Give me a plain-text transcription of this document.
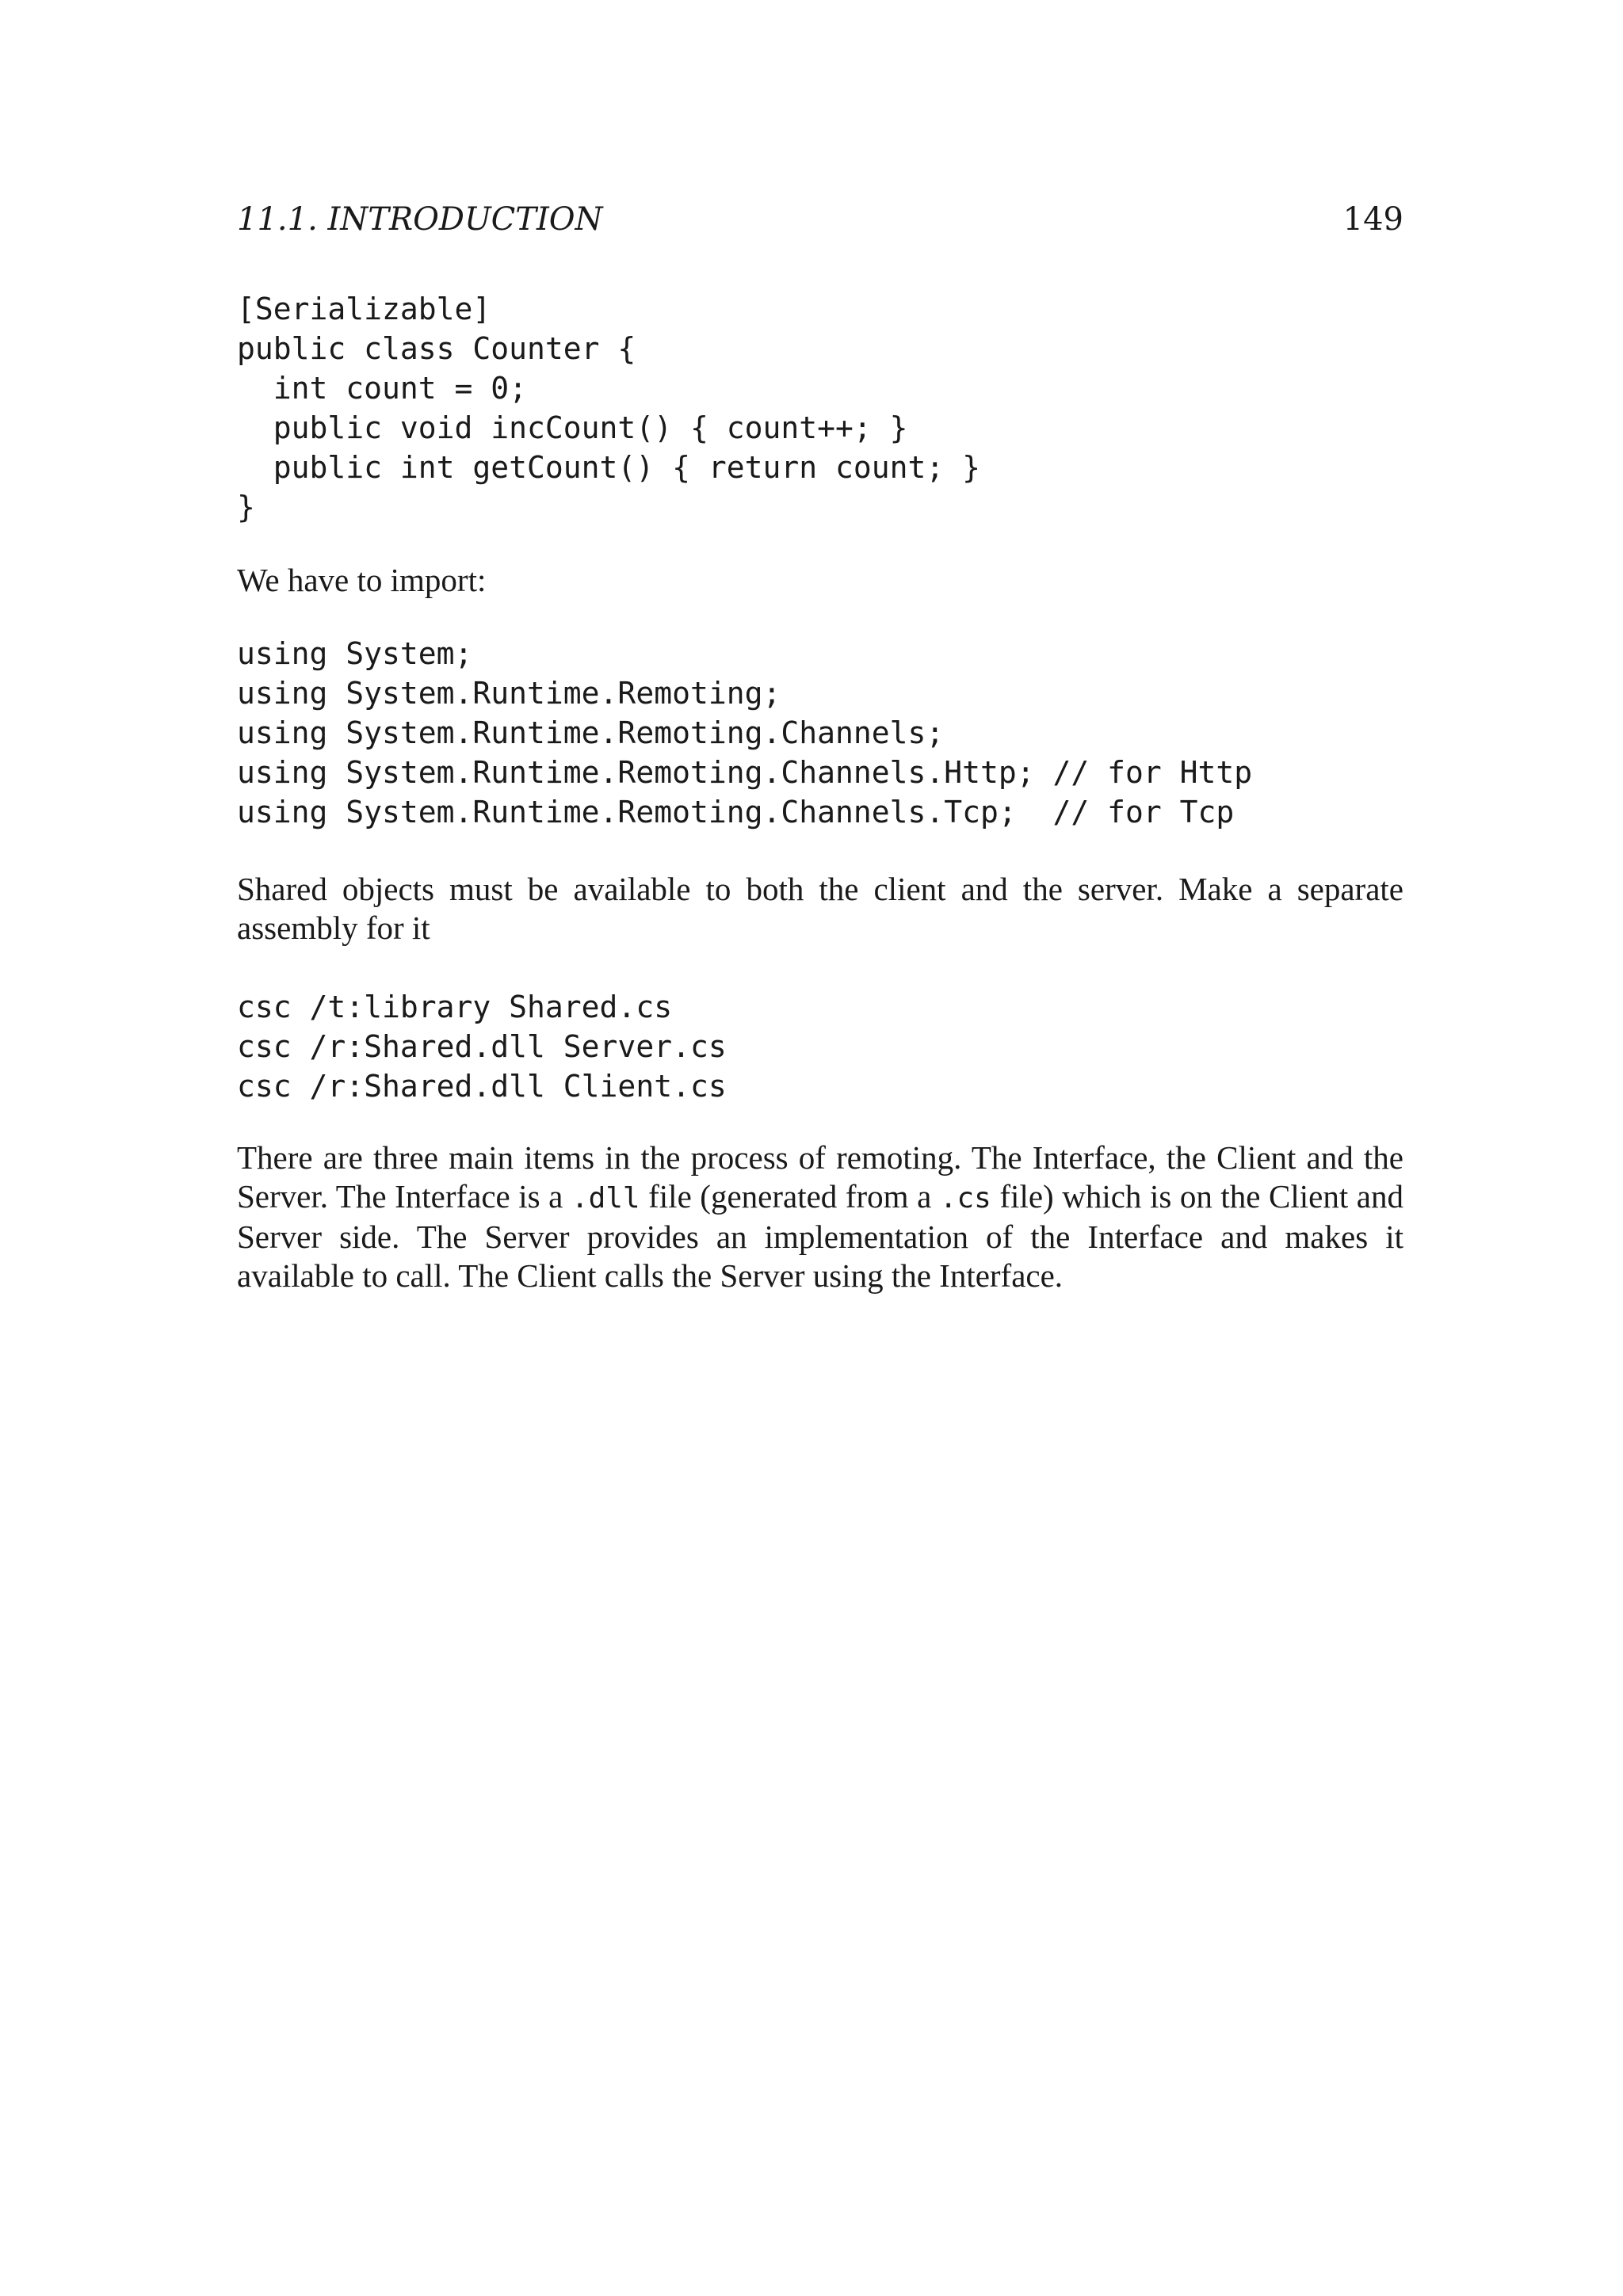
11.1. INTRODUCTION	149
[Serializable]
public class Counter {
int count = 0;
public void incCount() { count++; }
public int getCount() { return count; }
}

We have to import:

using System;
using System.Runtime.Remoting;
using System.Runtime.Remoting.Channels;
using System.Runtime.Remoting.Channels.Http; // for Http
using System.Runtime.Remoting.Channels.Tcp;  // for Tcp

Shared objects must be available to both the client and the server. Make a separate assembly for it

csc /t:library Shared.cs
csc /r:Shared.dll Server.cs
csc /r:Shared.dll Client.cs

There are three main items in the process of remoting. The Interface, the Client and the Server. The Interface is a .dll file (generated from a .cs file) which is on the Client and Server side. The Server provides an implementation of the Interface and makes it available to call. The Client calls the Server using the Interface.
